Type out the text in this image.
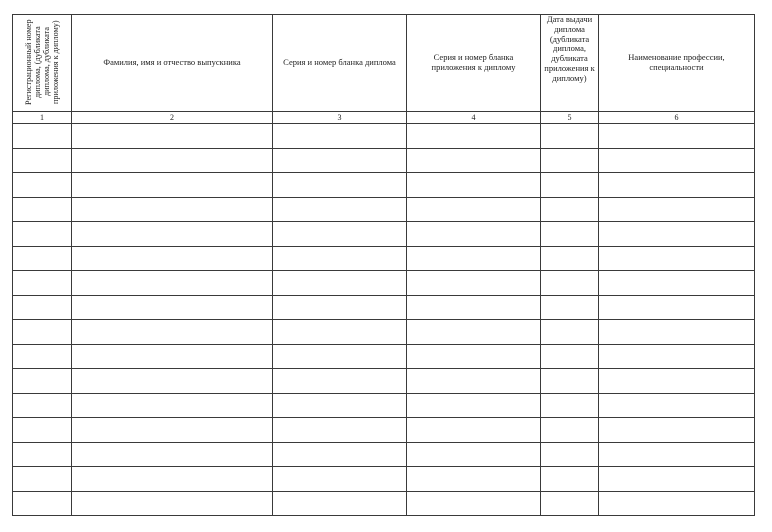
Регистрационный номер диплома, (дубликата диплома, дубликата приложения к диплому)	Фамилия, имя и отчество выпускника	Серия и номер бланка диплома	Серия и номер бланка приложения к диплому	Дата выдачи диплома (дубликата диплома, дубликата приложения к диплому)	Наименование профессии, специальности

1	2	3	4	5	6
